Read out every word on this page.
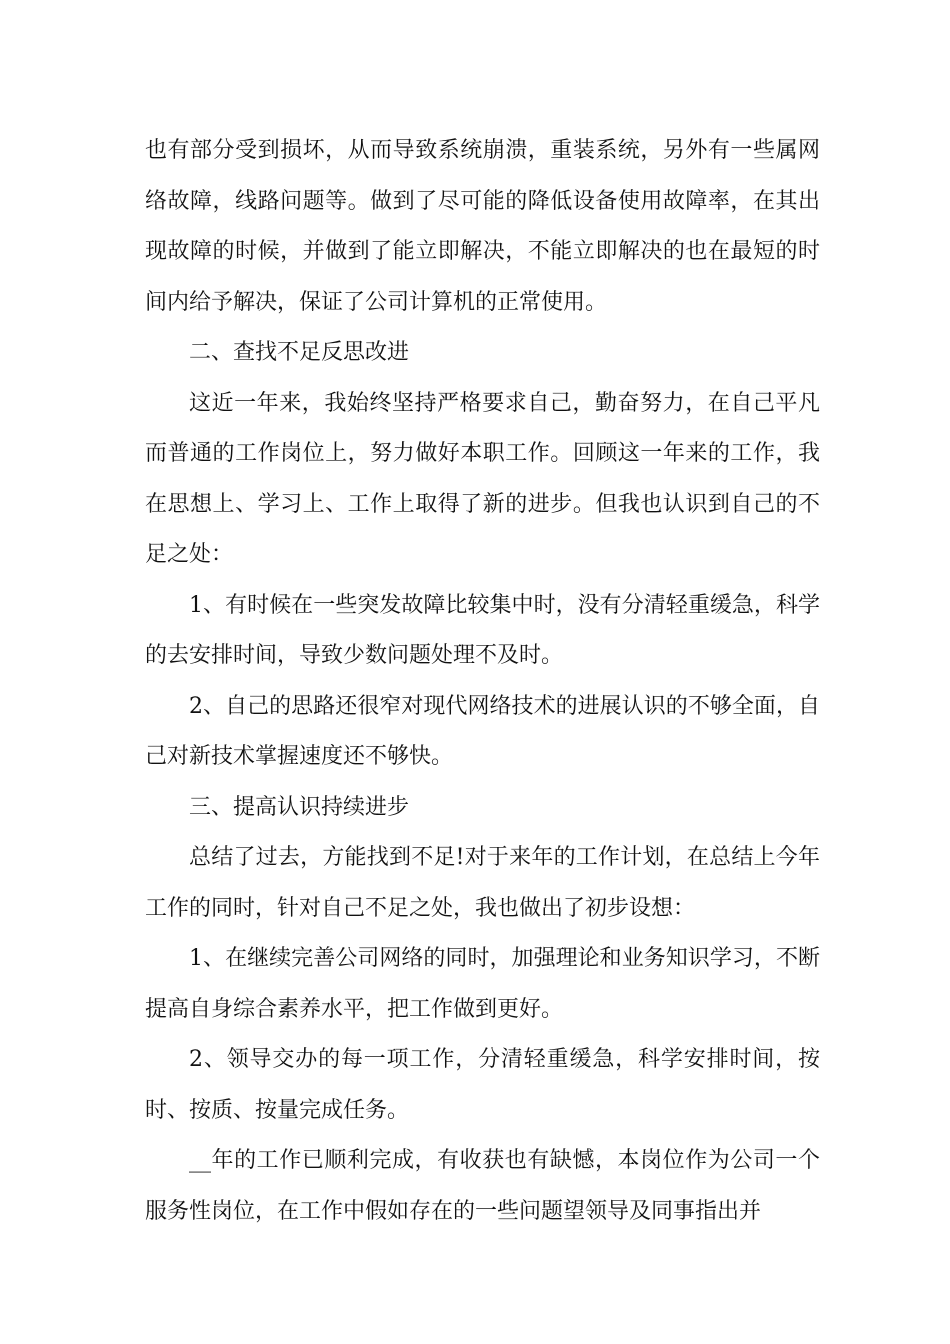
也有部分受到损坏，从而导致系统崩溃，重装系统，另外有一些属网络故障，线路问题等。做到了尽可能的降低设备使用故障率，在其出现故障的时候，并做到了能立即解决，不能立即解决的也在最短的时间内给予解决，保证了公司计算机的正常使用。

二、查找不足反思改进

这近一年来，我始终坚持严格要求自己，勤奋努力，在自己平凡而普通的工作岗位上，努力做好本职工作。回顾这一年来的工作，我在思想上、学习上、工作上取得了新的进步。但我也认识到自己的不足之处：

1、有时候在一些突发故障比较集中时，没有分清轻重缓急，科学的去安排时间，导致少数问题处理不及时。

2、自己的思路还很窄对现代网络技术的进展认识的不够全面，自己对新技术掌握速度还不够快。

三、提高认识持续进步

总结了过去，方能找到不足!对于来年的工作计划，在总结上今年工作的同时，针对自己不足之处，我也做出了初步设想：

1、在继续完善公司网络的同时，加强理论和业务知识学习，不断提高自身综合素养水平，把工作做到更好。

2、领导交办的每一项工作，分清轻重缓急，科学安排时间，按时、按质、按量完成任务。

__年的工作已顺利完成，有收获也有缺憾，本岗位作为公司一个服务性岗位，在工作中假如存在的一些问题望领导及同事指出并
